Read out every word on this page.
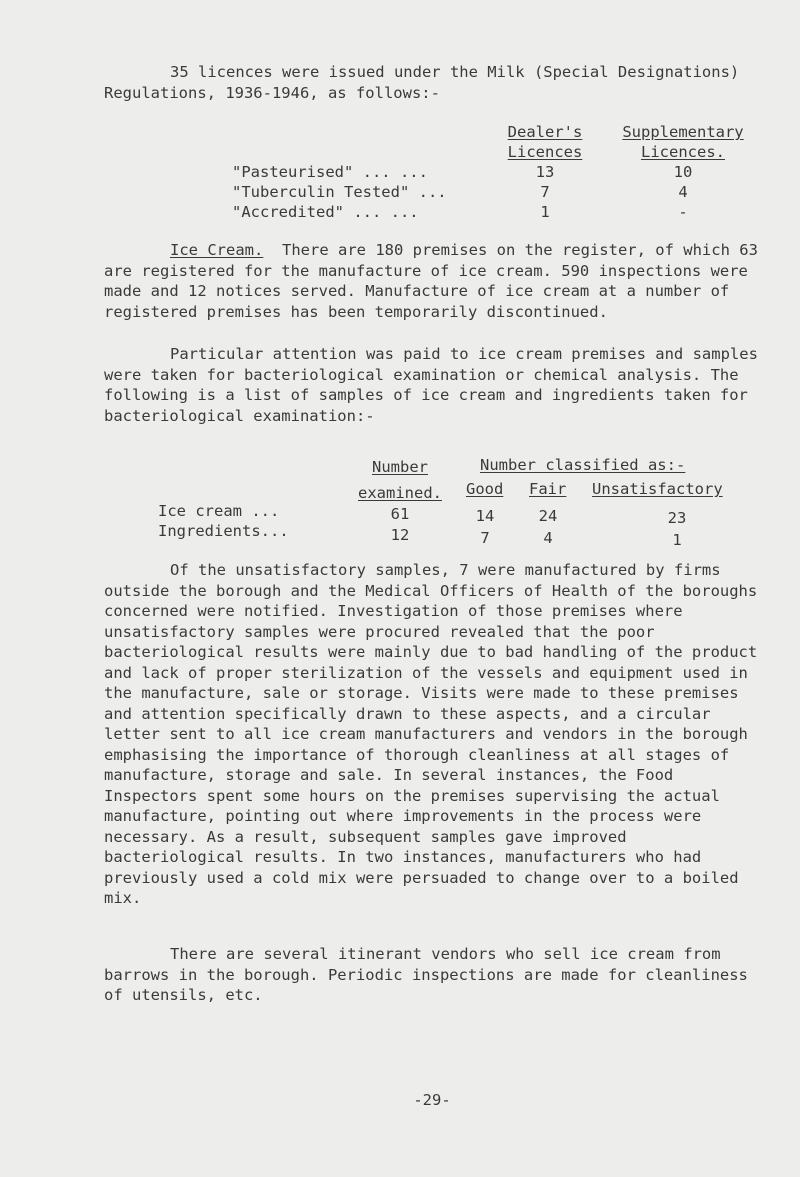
35 licences were issued under the Milk (Special Designations) Regulations, 1936-1946, as follows:-
Dealer's Licences
Supplementary Licences.
"Pasteurised" ... ...	13	10
"Tuberculin Tested" ...	7	4
"Accredited" ... ...	1	-
Ice Cream. There are 180 premises on the register, of which 63 are registered for the manufacture of ice cream. 590 inspections were made and 12 notices served. Manufacture of ice cream at a number of registered premises has been temporarily discontinued.
Particular attention was paid to ice cream premises and samples were taken for bacteriological examination or chemical analysis. The following is a list of samples of ice cream and ingredients taken for bacteriological examination:-
Number examined.
Number classified as:-
Good Fair Unsatisfactory
Ice cream ...	61	14	24	23
Ingredients...	12	7	4	1
Of the unsatisfactory samples, 7 were manufactured by firms outside the borough and the Medical Officers of Health of the boroughs concerned were notified. Investigation of those premises where unsatisfactory samples were procured revealed that the poor bacteriological results were mainly due to bad handling of the product and lack of proper sterilization of the vessels and equipment used in the manufacture, sale or storage. Visits were made to these premises and attention specifically drawn to these aspects, and a circular letter sent to all ice cream manufacturers and vendors in the borough emphasising the importance of thorough cleanliness at all stages of manufacture, storage and sale. In several instances, the Food Inspectors spent some hours on the premises supervising the actual manufacture, pointing out where improvements in the process were necessary. As a result, subsequent samples gave improved bacteriological results. In two instances, manufacturers who had previously used a cold mix were persuaded to change over to a boiled mix.
There are several itinerant vendors who sell ice cream from barrows in the borough. Periodic inspections are made for cleanliness of utensils, etc.
-29-
